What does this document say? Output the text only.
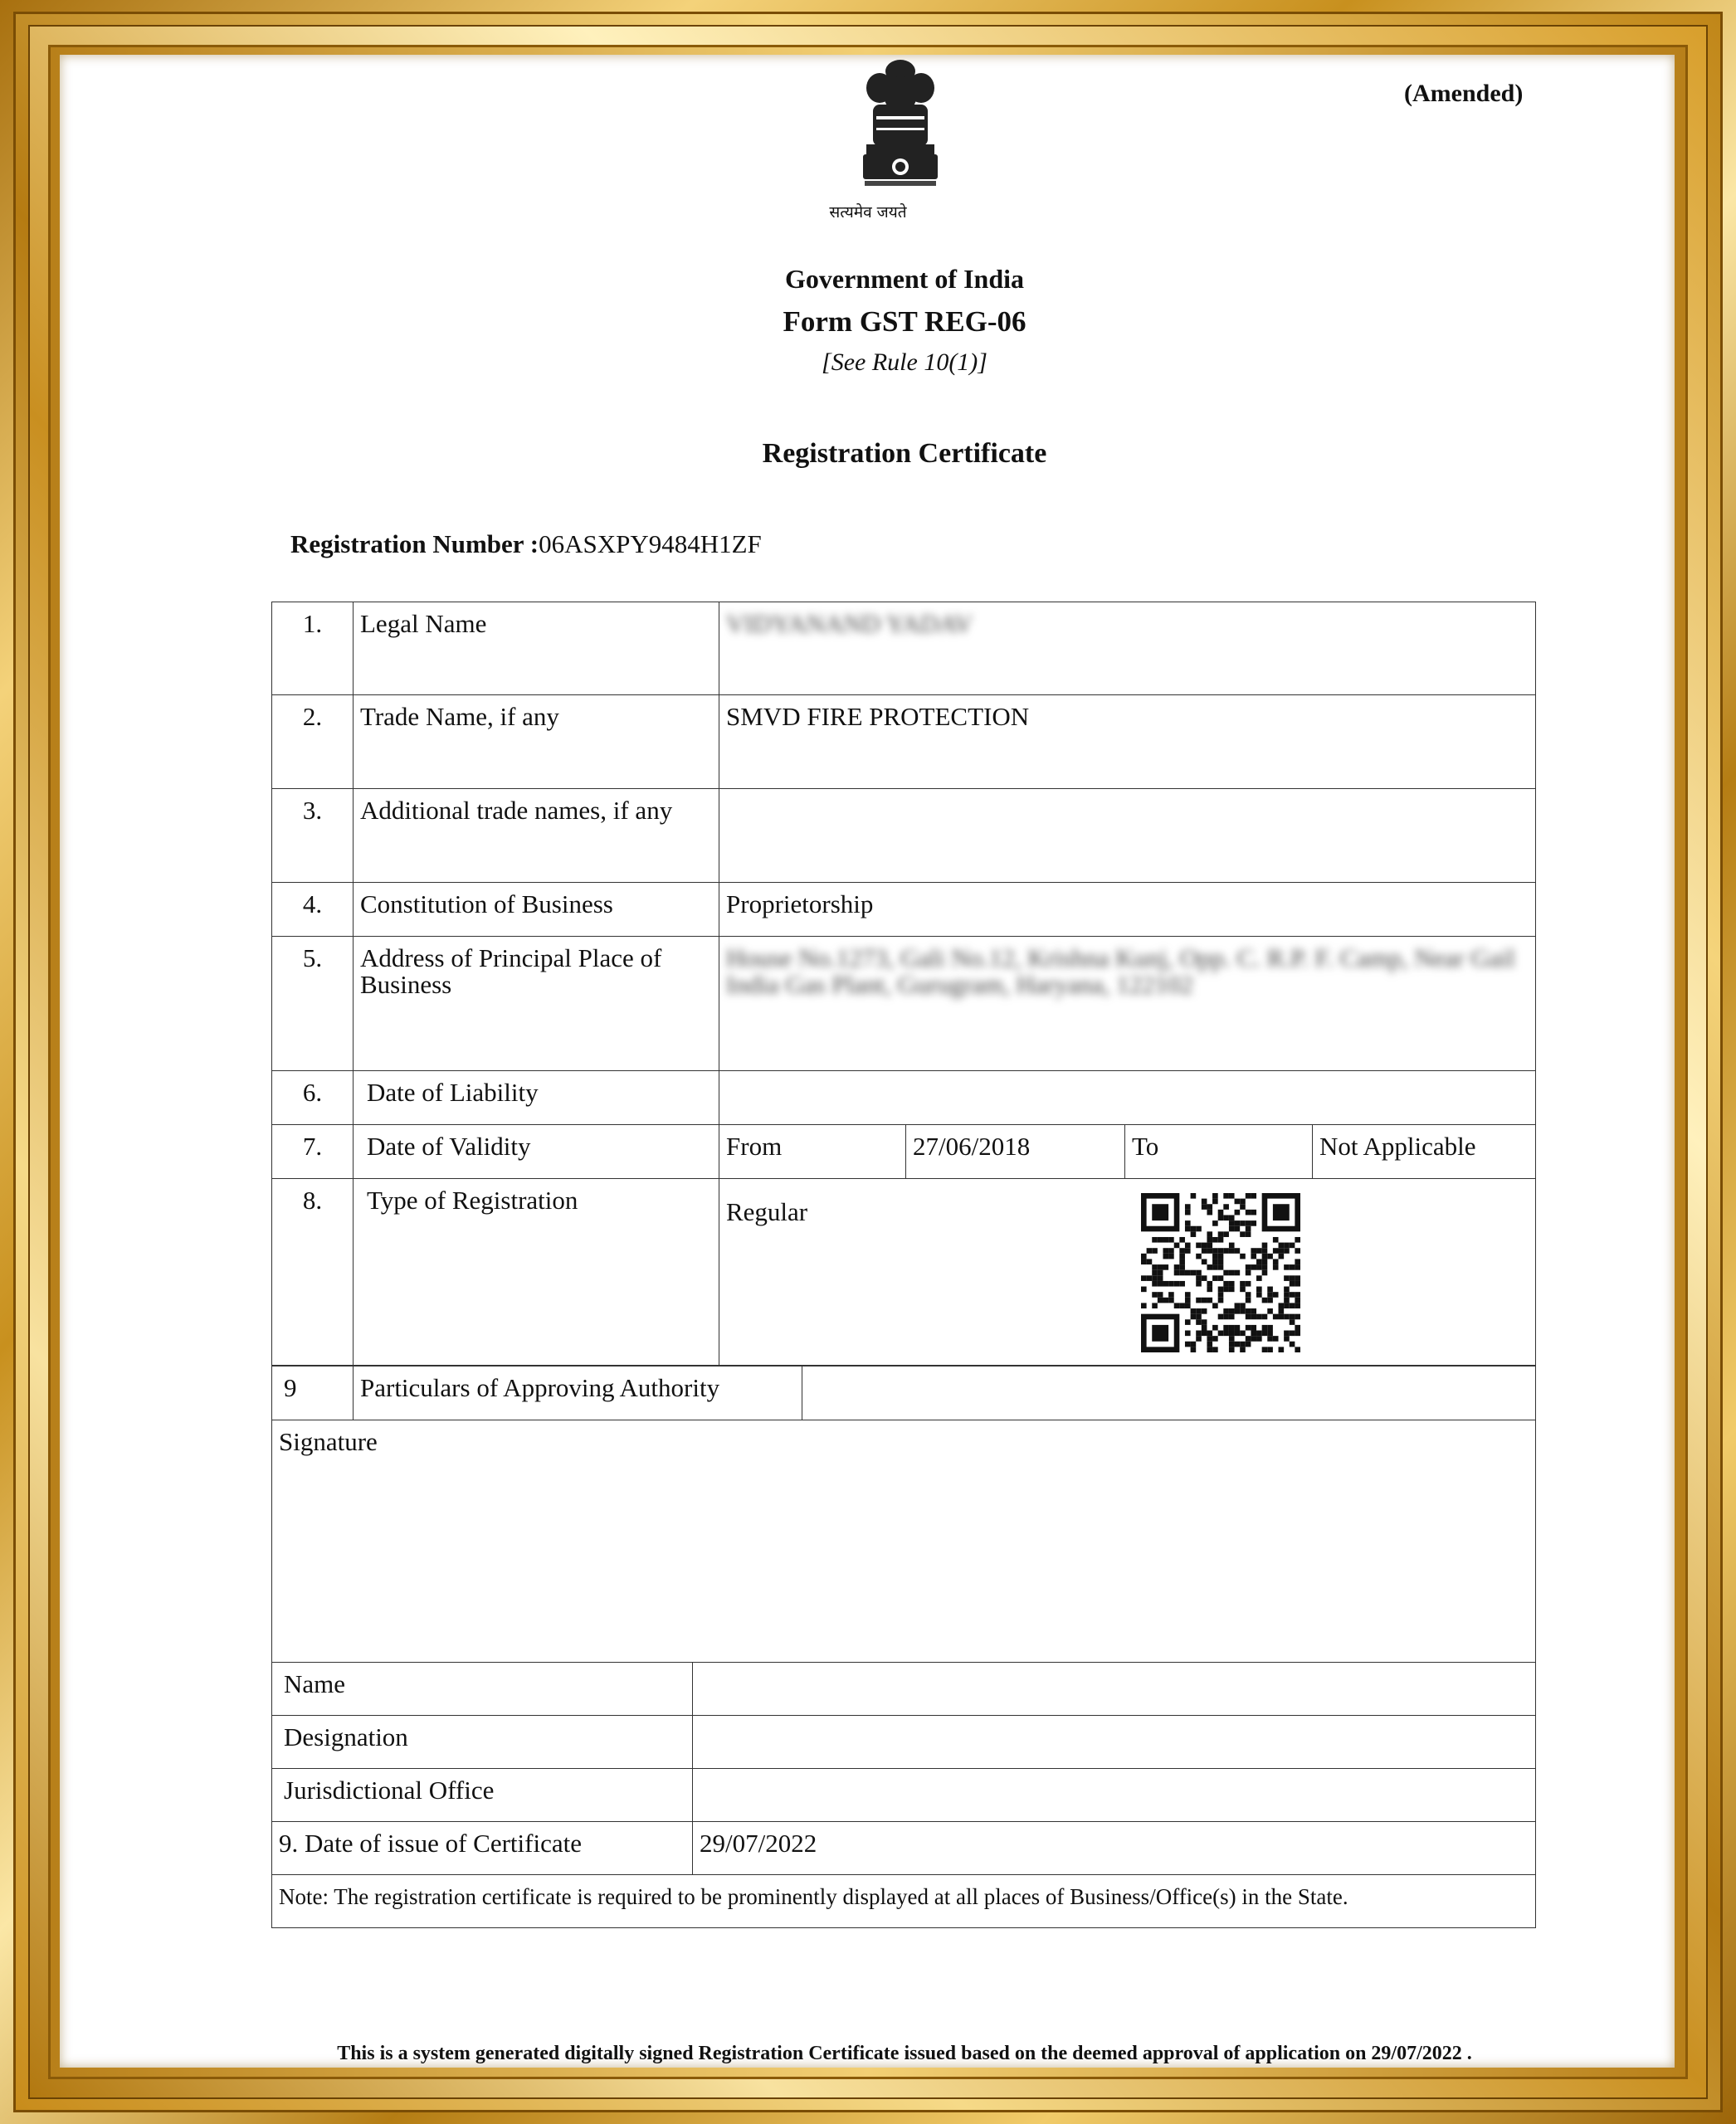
सत्यमेव जयते
(Amended)
Government of India
Form GST REG-06
[See Rule 10(1)]
Registration Certificate
Registration Number :06ASXPY9484H1ZF
1.	Legal Name	VIDYANAND YADAV			
2.	Trade Name, if any	SMVD FIRE PROTECTION			
3.	Additional trade names, if any				
4.	Constitution of Business	Proprietorship			
5.	Address of Principal Place of Business	House No.1273, Gali No.12, Krishna Kunj, Opp. C. R.P. F. Camp, Near Gail India Gas Plant, Gurugram, Haryana, 122102			
6.	Date of Liability				
7.	Date of Validity	From	27/06/2018	To	Not Applicable
8.	Type of Registration	Regular			
9	Particulars of Approving Authority	
Signature	
Name	
Designation	
Jurisdictional Office	
9. Date of issue of Certificate	29/07/2022
Note: The registration certificate is required to be prominently displayed at all places of Business/Office(s) in the State.	
This is a system generated digitally signed Registration Certificate issued based on the deemed approval of application on 29/07/2022 .
